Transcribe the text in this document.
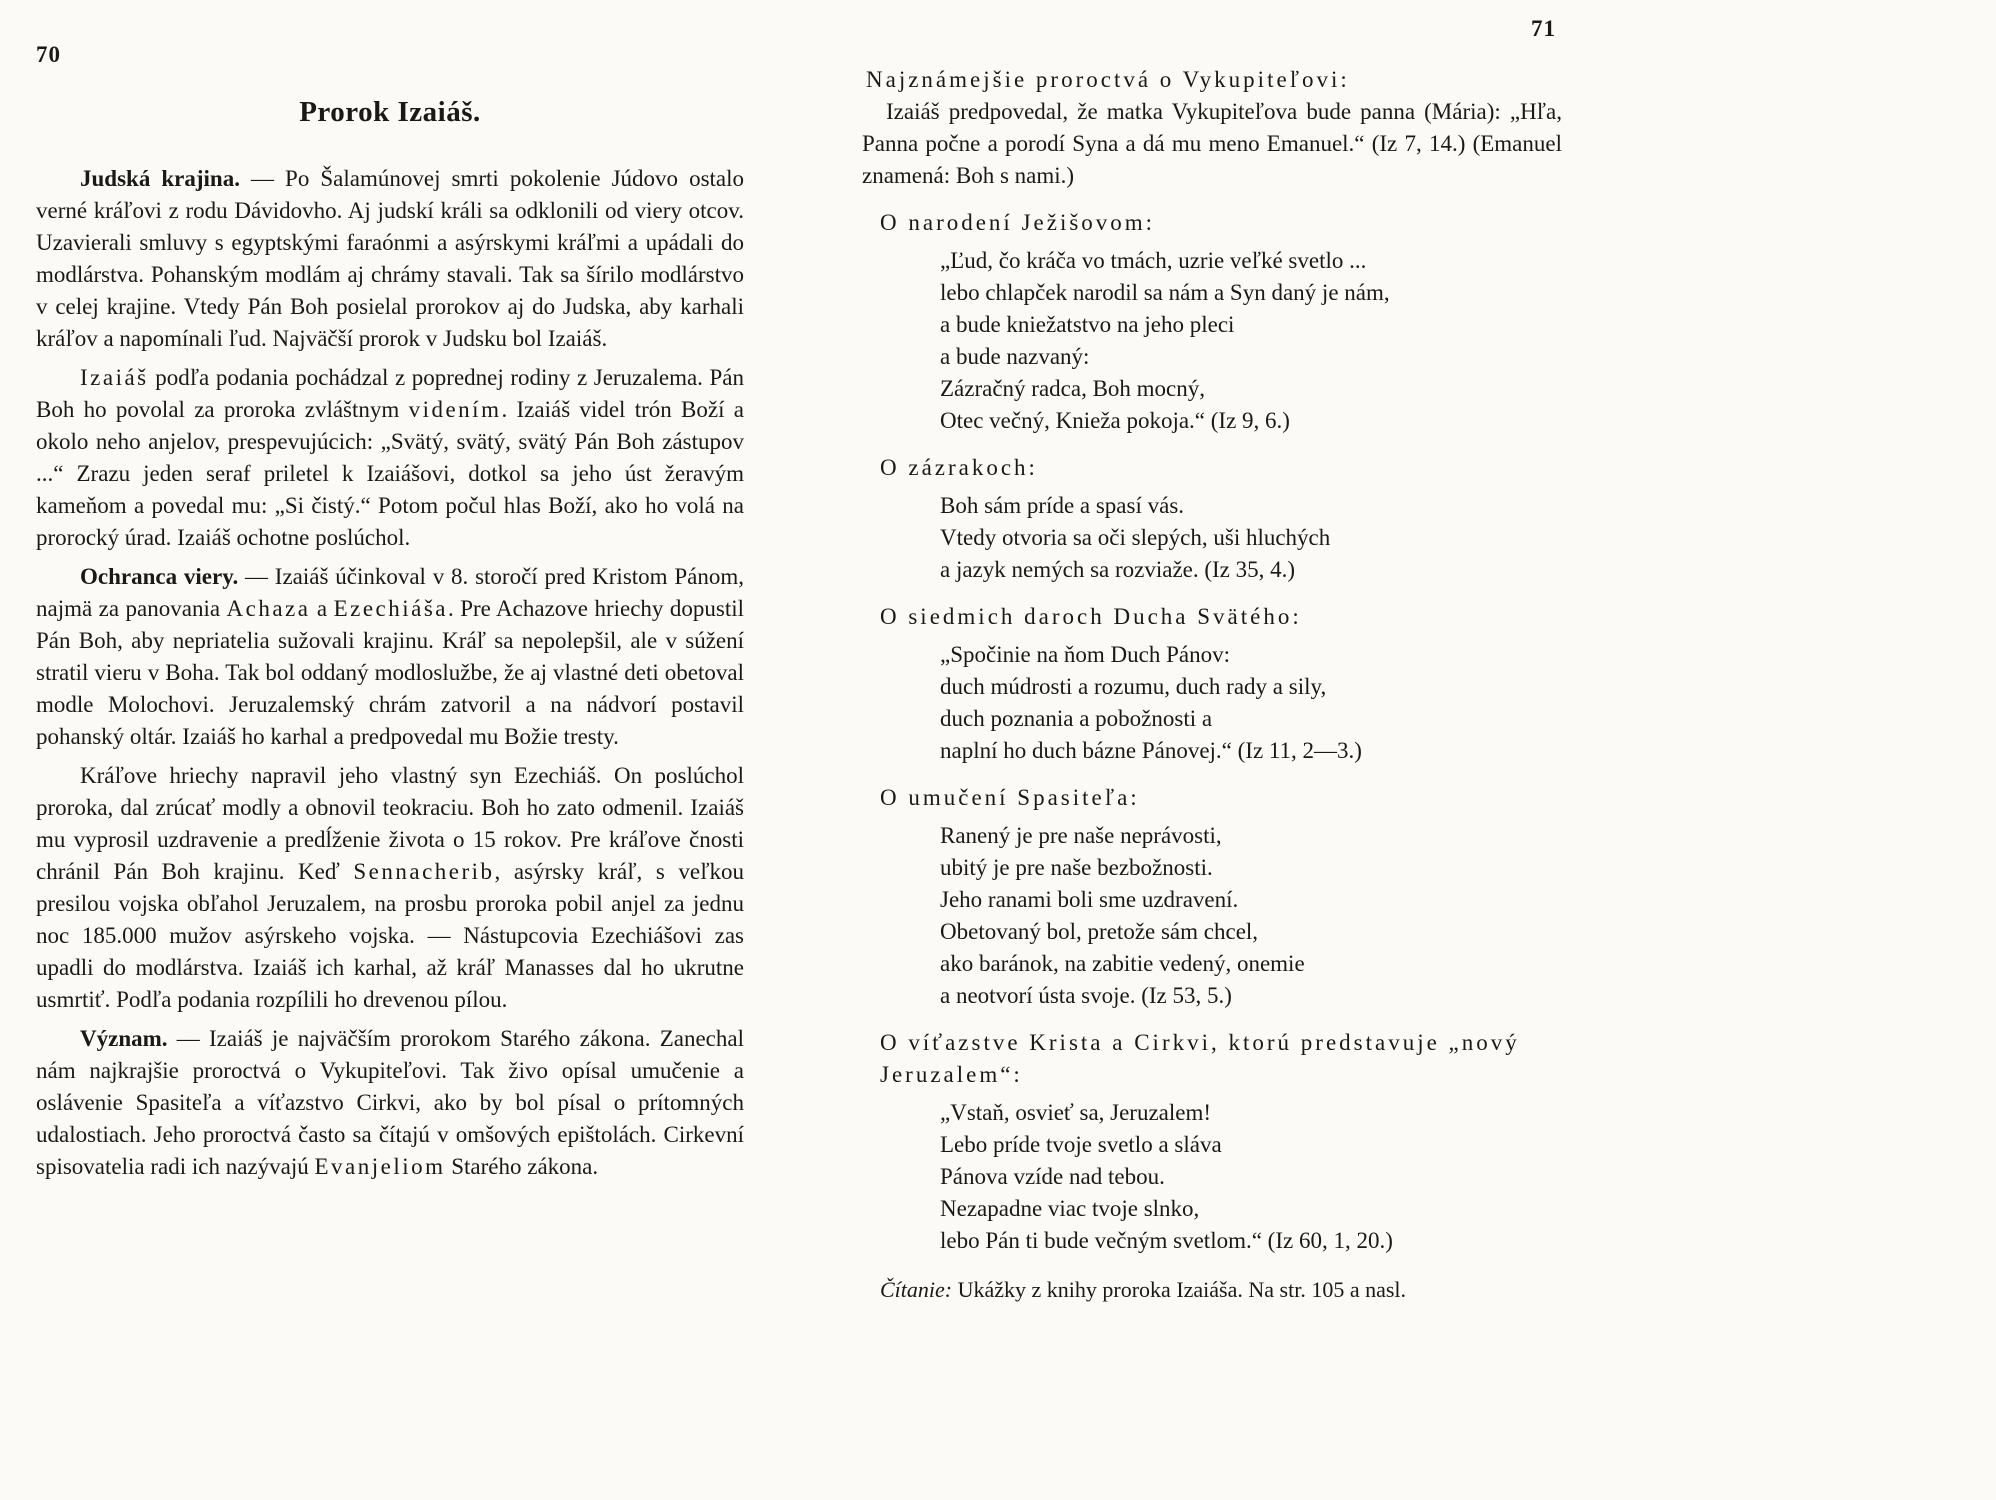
70
Prorok Izaiáš.

Judská krajina. — Po Šalamúnovej smrti pokolenie Júdovo ostalo verné kráľovi z rodu Dávidovho. Aj judskí králi sa odklonili od viery otcov. Uzavierali smluvy s egyptskými faraónmi a asýrskymi kráľmi a upádali do modlárstva. Pohanským modlám aj chrámy stavali. Tak sa šírilo modlárstvo v celej krajine. Vtedy Pán Boh posielal prorokov aj do Judska, aby karhali kráľov a napomínali ľud. Najväčší prorok v Judsku bol Izaiáš.

Izaiáš podľa podania pochádzal z poprednej rodiny z Jeruzalema. Pán Boh ho povolal za proroka zvláštnym videním. Izaiáš videl trón Boží a okolo neho anjelov, prespevujúcich: „Svätý, svätý, svätý Pán Boh zástupov ...“ Zrazu jeden seraf priletel k Izaiášovi, dotkol sa jeho úst žeravým kameňom a povedal mu: „Si čistý.“ Potom počul hlas Boží, ako ho volá na prorocký úrad. Izaiáš ochotne poslúchol.

Ochranca viery. — Izaiáš účinkoval v 8. storočí pred Kristom Pánom, najmä za panovania Achaza a Ezechiáša. Pre Achazove hriechy dopustil Pán Boh, aby nepriatelia sužovali krajinu. Kráľ sa nepolepšil, ale v súžení stratil vieru v Boha. Tak bol oddaný modloslužbe, že aj vlastné deti obetoval modle Molochovi. Jeruzalemský chrám zatvoril a na nádvorí postavil pohanský oltár. Izaiáš ho karhal a predpovedal mu Božie tresty.

Kráľove hriechy napravil jeho vlastný syn Ezechiáš. On poslúchol proroka, dal zrúcať modly a obnovil teokraciu. Boh ho zato odmenil. Izaiáš mu vyprosil uzdravenie a predĺženie života o 15 rokov. Pre kráľove čnosti chránil Pán Boh krajinu. Keď Sennacherib, asýrsky kráľ, s veľkou presilou vojska obľahol Jeruzalem, na prosbu proroka pobil anjel za jednu noc 185.000 mužov asýrskeho vojska. — Nástupcovia Ezechiášovi zas upadli do modlárstva. Izaiáš ich karhal, až kráľ Manasses dal ho ukrutne usmrtiť. Podľa podania rozpílili ho drevenou pílou.

Význam. — Izaiáš je najväčším prorokom Starého zákona. Zanechal nám najkrajšie proroctvá o Vykupiteľovi. Tak živo opísal umučenie a oslávenie Spasiteľa a víťazstvo Cirkvi, ako by bol písal o prítomných udalostiach. Jeho proroctvá často sa čítajú v omšových epištolách. Cirkevní spisovatelia radi ich nazývajú Evanjeliom Starého zákona.

71
Najznámejšie proroctvá o Vykupiteľovi:

Izaiáš predpovedal, že matka Vykupiteľova bude panna (Mária): „Hľa, Panna počne a porodí Syna a dá mu meno Emanuel.“ (Iz 7, 14.) (Emanuel znamená: Boh s nami.)

O narodení Ježišovom:
„Ľud, čo kráča vo tmách, uzrie veľké svetlo ...
lebo chlapček narodil sa nám a Syn daný je nám,
a bude kniežatstvo na jeho pleci
a bude nazvaný:
Zázračný radca, Boh mocný,
Otec večný, Knieža pokoja.“ (Iz 9, 6.)
O zázrakoch:
Boh sám príde a spasí vás.
Vtedy otvoria sa oči slepých, uši hluchých
a jazyk nemých sa rozviaže. (Iz 35, 4.)
O siedmich daroch Ducha Svätého:
„Spočinie na ňom Duch Pánov:
duch múdrosti a rozumu, duch rady a sily,
duch poznania a pobožnosti a
naplní ho duch bázne Pánovej.“ (Iz 11, 2—3.)
O umučení Spasiteľa:
Ranený je pre naše neprávosti,
ubitý je pre naše bezbožnosti.
Jeho ranami boli sme uzdravení.
Obetovaný bol, pretože sám chcel,
ako baránok, na zabitie vedený, onemie
a neotvorí ústa svoje. (Iz 53, 5.)
O víťazstve Krista a Cirkvi, ktorú predstavuje „nový Jeruzalem“:
„Vstaň, osvieť sa, Jeruzalem!
Lebo príde tvoje svetlo a sláva
Pánova vzíde nad tebou.
Nezapadne viac tvoje slnko,
lebo Pán ti bude večným svetlom.“ (Iz 60, 1, 20.)

Čítanie: Ukážky z knihy proroka Izaiáša. Na str. 105 a nasl.
